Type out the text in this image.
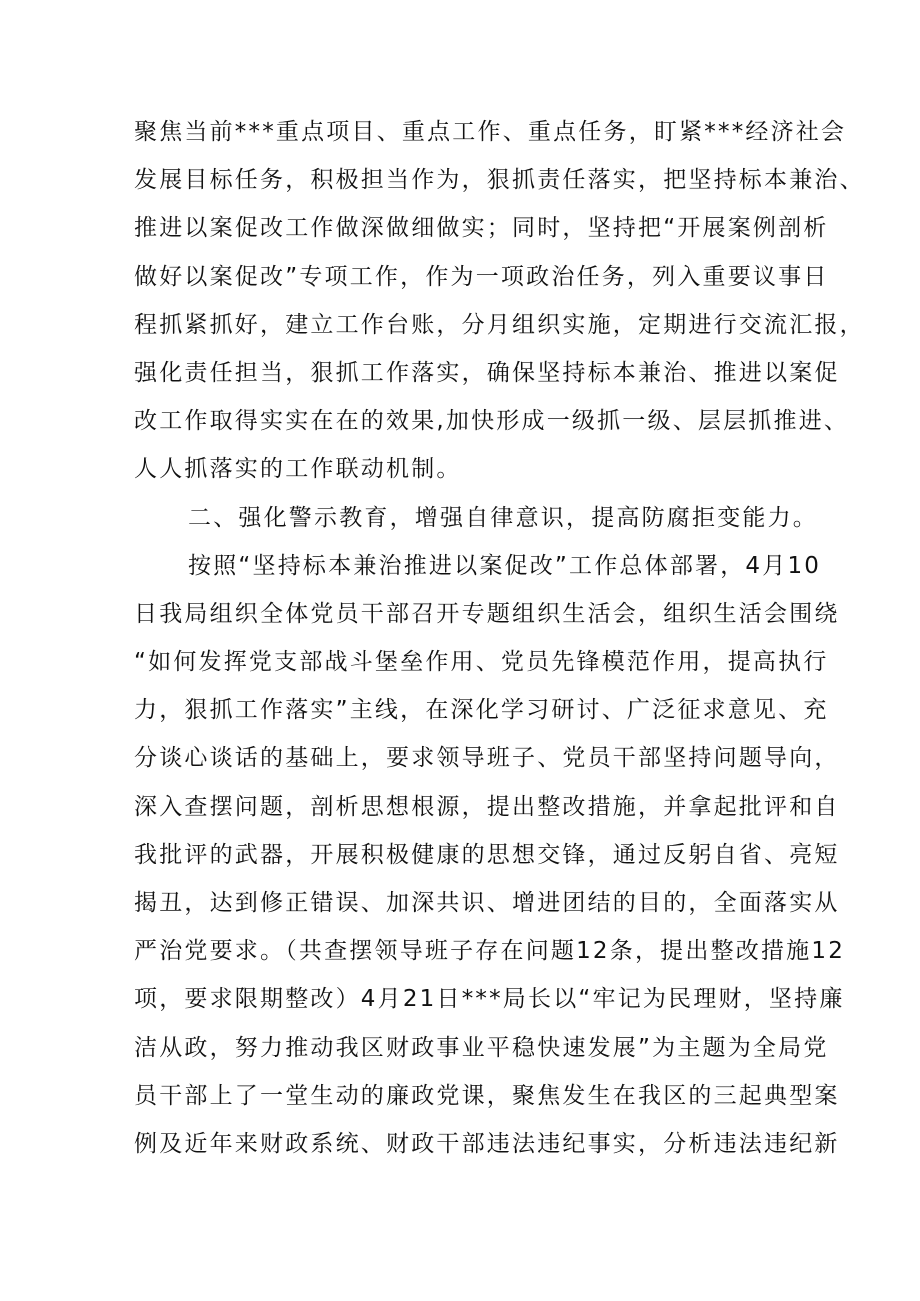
聚焦当前***重点项目、重点工作、重点任务，盯紧***经济社会
发展目标任务，积极担当作为，狠抓责任落实，把坚持标本兼治、
推进以案促改工作做深做细做实；同时，坚持把“开展案例剖析
做好以案促改”专项工作，作为一项政治任务，列入重要议事日
程抓紧抓好，建立工作台账，分月组织实施，定期进行交流汇报，
强化责任担当，狠抓工作落实，确保坚持标本兼治、推进以案促
改工作取得实实在在的效果,加快形成一级抓一级、层层抓推进、
人人抓落实的工作联动机制。
二、强化警示教育，增强自律意识，提高防腐拒变能力。
按照“坚持标本兼治推进以案促改”工作总体部署，4月10
日我局组织全体党员干部召开专题组织生活会，组织生活会围绕
“如何发挥党支部战斗堡垒作用、党员先锋模范作用，提高执行
力，狠抓工作落实”主线，在深化学习研讨、广泛征求意见、充
分谈心谈话的基础上，要求领导班子、党员干部坚持问题导向，
深入查摆问题，剖析思想根源，提出整改措施，并拿起批评和自
我批评的武器，开展积极健康的思想交锋，通过反躬自省、亮短
揭丑，达到修正错误、加深共识、增进团结的目的，全面落实从
严治党要求。（共查摆领导班子存在问题12条，提出整改措施12
项，要求限期整改）4月21日***局长以“牢记为民理财，坚持廉
洁从政，努力推动我区财政事业平稳快速发展”为主题为全局党
员干部上了一堂生动的廉政党课，聚焦发生在我区的三起典型案
例及近年来财政系统、财政干部违法违纪事实，分析违法违纪新
